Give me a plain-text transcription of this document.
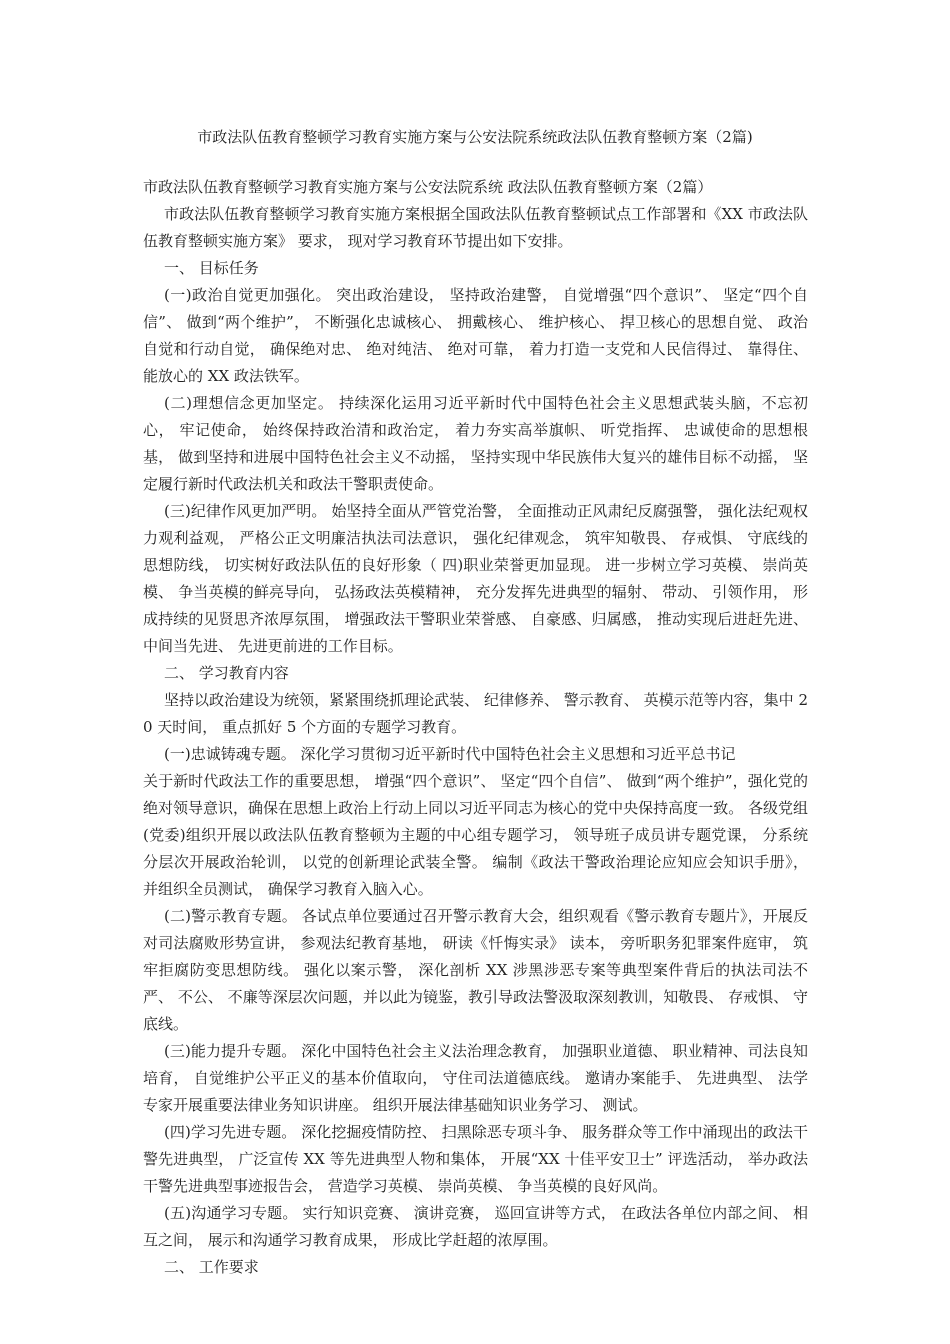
市政法队伍教育整顿学习教育实施方案与公安法院系统政法队伍教育整顿方案（2篇)

市政法队伍教育整顿学习教育实施方案与公安法院系统 政法队伍教育整顿方案（2篇）

市政法队伍教育整顿学习教育实施方案根据全国政法队伍教育整顿试点工作部署和《XX 市政法队伍教育整顿实施方案》 要求， 现对学习教育环节提出如下安排。

一、 目标任务

(一)政治自觉更加强化。 突出政治建设， 坚持政治建警， 自觉增强“四个意识”、 坚定“四个自信”、 做到“两个维护”， 不断强化忠诚核心、 拥戴核心、 维护核心、 捍卫核心的思想自觉、 政治自觉和行动自觉， 确保绝对忠、 绝对纯洁、 绝对可靠， 着力打造一支党和人民信得过、 靠得住、 能放心的 XX 政法铁军。

(二)理想信念更加坚定。 持续深化运用习近平新时代中国特色社会主义思想武装头脑，不忘初心， 牢记使命， 始终保持政治清和政治定， 着力夯实高举旗帜、 听党指挥、 忠诚使命的思想根基， 做到坚持和进展中国特色社会主义不动摇， 坚持实现中华民族伟大复兴的雄伟目标不动摇， 坚定履行新时代政法机关和政法干警职责使命。

(三)纪律作风更加严明。 始坚持全面从严管党治警， 全面推动正风肃纪反腐强警， 强化法纪观权力观利益观， 严格公正文明廉洁执法司法意识， 强化纪律观念， 筑牢知敬畏、 存戒惧、 守底线的思想防线， 切实树好政法队伍的良好形象（ 四)职业荣誉更加显现。 进一步树立学习英模、 崇尚英模、 争当英模的鲜亮导向， 弘扬政法英模精神， 充分发挥先进典型的辐射、 带动、 引领作用， 形成持续的见贤思齐浓厚氛围， 增强政法干警职业荣誉感、 自豪感、归属感， 推动实现后进赶先进、 中间当先进、 先进更前进的工作目标。

二、 学习教育内容

坚持以政治建设为统领，紧紧围绕抓理论武装、 纪律修养、 警示教育、 英模示范等内容，集中 20 天时间， 重点抓好 5 个方面的专题学习教育。

(一)忠诚铸魂专题。 深化学习贯彻习近平新时代中国特色社会主义思想和习近平总书记

关于新时代政法工作的重要思想， 增强“四个意识”、 坚定“四个自信”、 做到“两个维护”，强化党的绝对领导意识，确保在思想上政治上行动上同以习近平同志为核心的党中央保持高度一致。 各级党组(党委)组织开展以政法队伍教育整顿为主题的中心组专题学习， 领导班子成员讲专题党课， 分系统分层次开展政治轮训， 以党的创新理论武装全警。 编制《政法干警政治理论应知应会知识手册》， 并组织全员测试， 确保学习教育入脑入心。

(二)警示教育专题。 各试点单位要通过召开警示教育大会，组织观看《警示教育专题片》，开展反对司法腐败形势宣讲， 参观法纪教育基地， 研读《忏悔实录》 读本， 旁听职务犯罪案件庭审， 筑牢拒腐防变思想防线。 强化以案示警， 深化剖析 XX 涉黑涉恶专案等典型案件背后的执法司法不严、 不公、 不廉等深层次问题，并以此为镜鉴，教引导政法警汲取深刻教训，知敬畏、 存戒惧、 守底线。

(三)能力提升专题。 深化中国特色社会主义法治理念教育， 加强职业道德、 职业精神、司法良知培育， 自觉维护公平正义的基本价值取向， 守住司法道德底线。 邀请办案能手、 先进典型、 法学专家开展重要法律业务知识讲座。 组织开展法律基础知识业务学习、 测试。

(四)学习先进专题。 深化挖掘疫情防控、 扫黑除恶专项斗争、 服务群众等工作中涌现出的政法干警先进典型， 广泛宣传 XX 等先进典型人物和集体， 开展“XX 十佳平安卫士” 评选活动， 举办政法干警先进典型事迹报告会， 营造学习英模、 崇尚英模、 争当英模的良好风尚。

(五)沟通学习专题。 实行知识竞赛、 演讲竞赛， 巡回宣讲等方式， 在政法各单位内部之间、 相互之间， 展示和沟通学习教育成果， 形成比学赶超的浓厚围。

二、 工作要求
